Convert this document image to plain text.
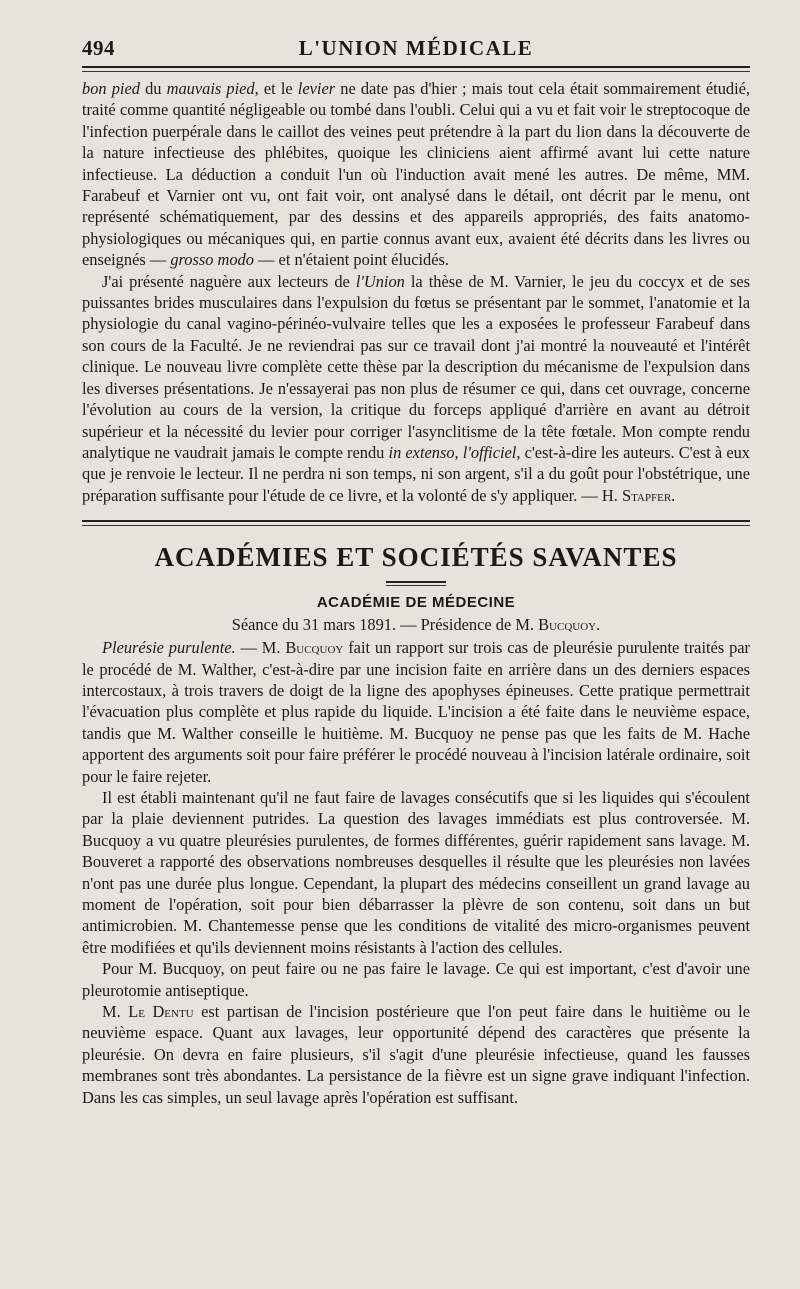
494	L'UNION MÉDICALE

bon pied du mauvais pied, et le levier ne date pas d'hier ; mais tout cela était sommairement étudié, traité comme quantité négligeable ou tombé dans l'oubli. Celui qui a vu et fait voir le streptocoque de l'infection puerpérale dans le caillot des veines peut prétendre à la part du lion dans la découverte de la nature infectieuse des phlébites, quoique les cliniciens aient affirmé avant lui cette nature infectieuse. La déduction a conduit l'un où l'induction avait mené les autres. De même, MM. Farabeuf et Varnier ont vu, ont fait voir, ont analysé dans le détail, ont décrit par le menu, ont représenté schématiquement, par des dessins et des appareils appropriés, des faits anatomo-physiologiques ou mécaniques qui, en partie connus avant eux, avaient été décrits dans les livres ou enseignés — grosso modo — et n'étaient point élucidés.

J'ai présenté naguère aux lecteurs de l'Union la thèse de M. Varnier, le jeu du coccyx et de ses puissantes brides musculaires dans l'expulsion du fœtus se présentant par le sommet, l'anatomie et la physiologie du canal vagino-périnéo-vulvaire telles que les a exposées le professeur Farabeuf dans son cours de la Faculté. Je ne reviendrai pas sur ce travail dont j'ai montré la nouveauté et l'intérêt clinique. Le nouveau livre complète cette thèse par la description du mécanisme de l'expulsion dans les diverses présentations. Je n'essayerai pas non plus de résumer ce qui, dans cet ouvrage, concerne l'évolution au cours de la version, la critique du forceps appliqué d'arrière en avant au détroit supérieur et la nécessité du levier pour corriger l'asynclitisme de la tête fœtale. Mon compte rendu analytique ne vaudrait jamais le compte rendu in extenso, l'officiel, c'est-à-dire les auteurs. C'est à eux que je renvoie le lecteur. Il ne perdra ni son temps, ni son argent, s'il a du goût pour l'obstétrique, une préparation suffisante pour l'étude de ce livre, et la volonté de s'y appliquer. — H. Stapfer.

ACADÉMIES ET SOCIÉTÉS SAVANTES
ACADÉMIE DE MÉDECINE
Séance du 31 mars 1891. — Présidence de M. Bucquoy.

Pleurésie purulente. — M. Bucquoy fait un rapport sur trois cas de pleurésie purulente traités par le procédé de M. Walther, c'est-à-dire par une incision faite en arrière dans un des derniers espaces intercostaux, à trois travers de doigt de la ligne des apophyses épineuses. Cette pratique permettrait l'évacuation plus complète et plus rapide du liquide. L'incision a été faite dans le neuvième espace, tandis que M. Walther conseille le huitième. M. Bucquoy ne pense pas que les faits de M. Hache apportent des arguments soit pour faire préférer le procédé nouveau à l'incision latérale ordinaire, soit pour le faire rejeter.

Il est établi maintenant qu'il ne faut faire de lavages consécutifs que si les liquides qui s'écoulent par la plaie deviennent putrides. La question des lavages immédiats est plus controversée. M. Bucquoy a vu quatre pleurésies purulentes, de formes différentes, guérir rapidement sans lavage. M. Bouveret a rapporté des observations nombreuses desquelles il résulte que les pleurésies non lavées n'ont pas une durée plus longue. Cependant, la plupart des médecins conseillent un grand lavage au moment de l'opération, soit pour bien débarrasser la plèvre de son contenu, soit dans un but antimicrobien. M. Chantemesse pense que les conditions de vitalité des micro-organismes peuvent être modifiées et qu'ils deviennent moins résistants à l'action des cellules.

Pour M. Bucquoy, on peut faire ou ne pas faire le lavage. Ce qui est important, c'est d'avoir une pleurotomie antiseptique.

M. Le Dentu est partisan de l'incision postérieure que l'on peut faire dans le huitième ou le neuvième espace. Quant aux lavages, leur opportunité dépend des caractères que présente la pleurésie. On devra en faire plusieurs, s'il s'agit d'une pleurésie infectieuse, quand les fausses membranes sont très abondantes. La persistance de la fièvre est un signe grave indiquant l'infection. Dans les cas simples, un seul lavage après l'opération est suffisant.
